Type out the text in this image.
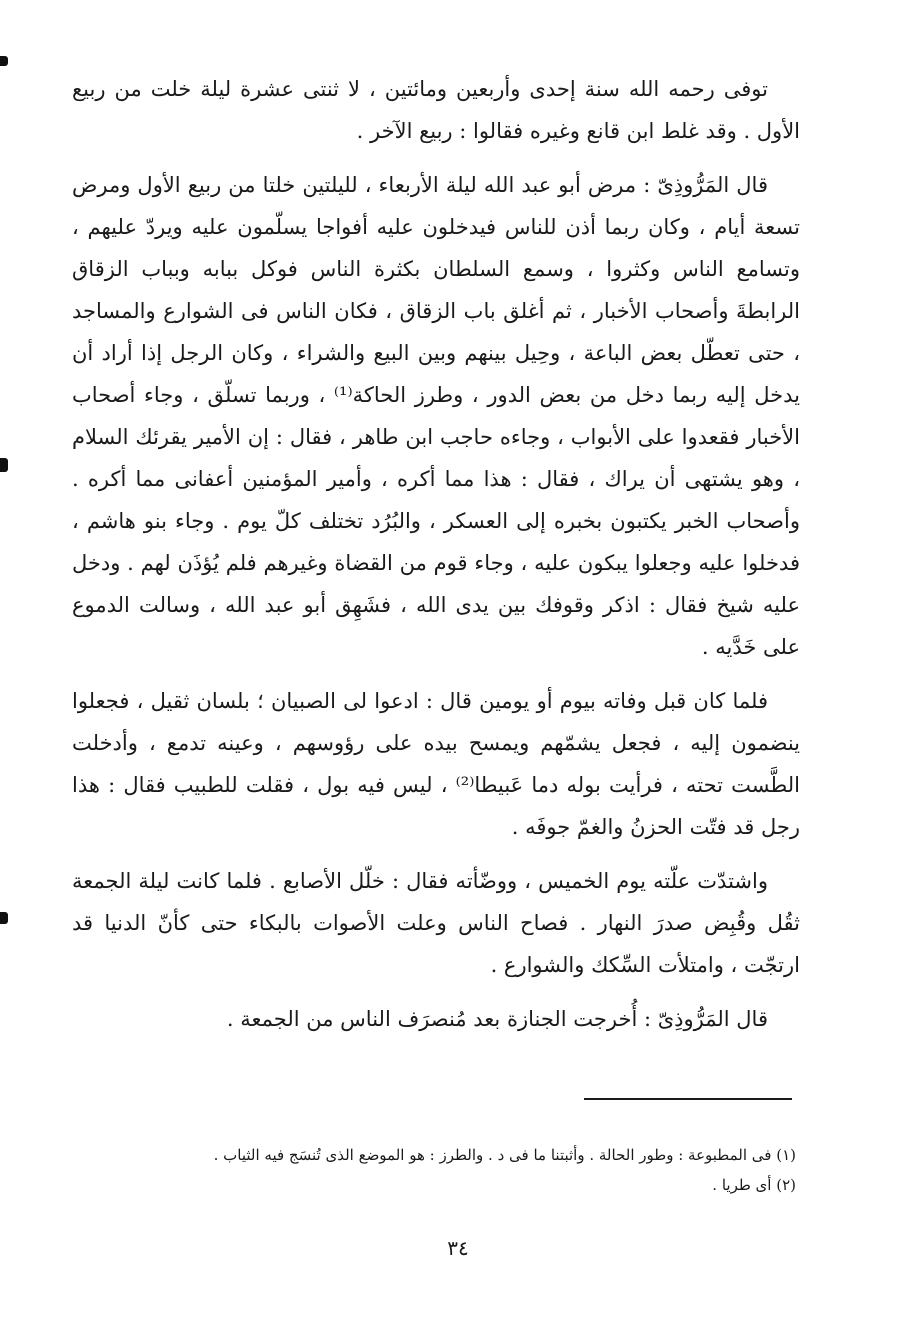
توفى رحمه الله سنة إحدى وأربعين ومائتين ، لا ثنتى عشرة ليلة خلت من ربيع الأول . وقد غلط ابن قانع وغيره فقالوا : ربيع الآخر .

قال المَرُّوذِىّ : مرض أبو عبد الله ليلة الأربعاء ، لليلتين خلتا من ربيع الأول ومرض تسعة أيام ، وكان ربما أذن للناس فيدخلون عليه أفواجا يسلّمون عليه ويردّ عليهم ، وتسامع الناس وكثروا ، وسمع السلطان بكثرة الناس فوكل ببابه وبباب الزقاق الرابطةَ وأصحاب الأخبار ، ثم أغلق باب الزقاق ، فكان الناس فى الشوارع والمساجد ، حتى تعطّل بعض الباعة ، وحِيل بينهم وبين البيع والشراء ، وكان الرجل إذا أراد أن يدخل إليه ربما دخل من بعض الدور ، وطرز الحاكة⁽¹⁾ ، وربما تسلّق ، وجاء أصحاب الأخبار فقعدوا على الأبواب ، وجاءه حاجب ابن طاهر ، فقال : إن الأمير يقرئك السلام ، وهو يشتهى أن يراك ، فقال : هذا مما أكره ، وأمير المؤمنين أعفانى مما أكره . وأصحاب الخبر يكتبون بخبره إلى العسكر ، والبُرُد تختلف كلّ يوم . وجاء بنو هاشم ، فدخلوا عليه وجعلوا يبكون عليه ، وجاء قوم من القضاة وغيرهم فلم يُؤذَن لهم . ودخل عليه شيخ فقال : اذكر وقوفك بين يدى الله ، فشَهِق أبو عبد الله ، وسالت الدموع على خَدَّيه .

فلما كان قبل وفاته بيوم أو يومين قال : ادعوا لى الصبيان ؛ بلسان ثقيل ، فجعلوا ينضمون إليه ، فجعل يشمّهم ويمسح بيده على رؤوسهم ، وعينه تدمع ، وأدخلت الطَّست تحته ، فرأيت بوله دما عَبيطا⁽²⁾ ، ليس فيه بول ، فقلت للطبيب فقال : هذا رجل قد فتّت الحزنُ والغمّ جوفَه .

واشتدّت علّته يوم الخميس ، ووضّأته فقال : خلّل الأصابع . فلما كانت ليلة الجمعة ثقُل وقُبِض صدرَ النهار . فصاح الناس وعلت الأصوات بالبكاء حتى كأنّ الدنيا قد ارتجّت ، وامتلأت السِّكك والشوارع .

قال المَرُّوذِىّ : أُخرجت الجنازة بعد مُنصرَف الناس من الجمعة .

(١) فى المطبوعة : وطور الحالة . وأثبتنا ما فى د . والطرز : هو الموضع الذى تُنسَج فيه الثياب .

(٢) أى طريا .

٣٤
